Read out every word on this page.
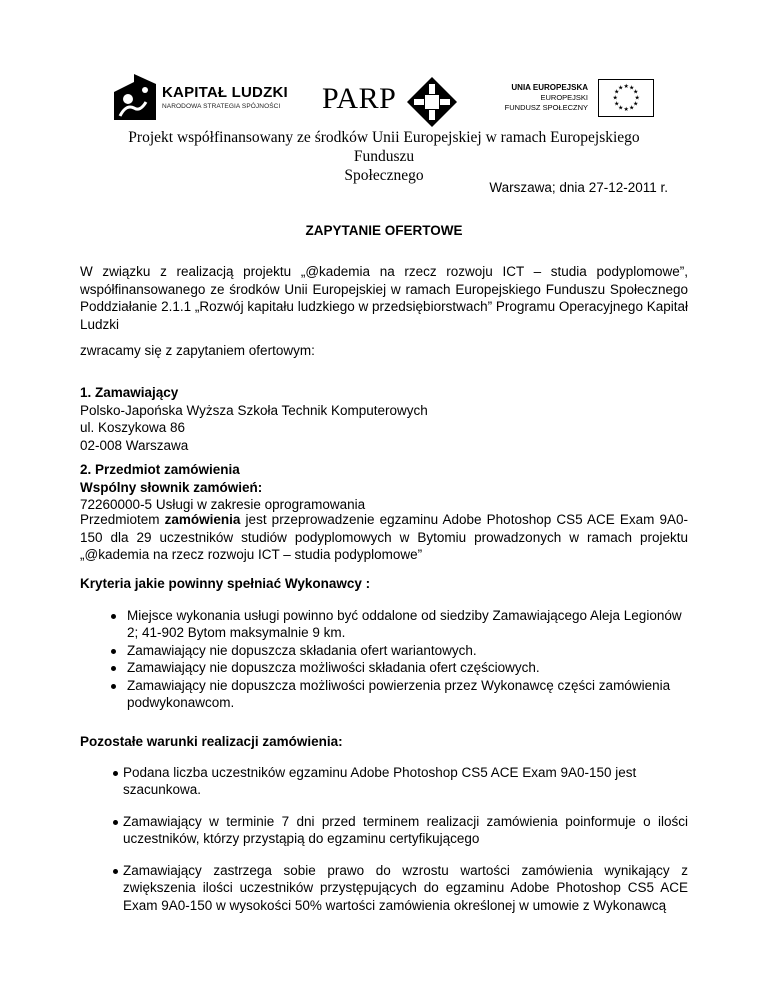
KAPITAŁ LUDZKI
NARODOWA STRATEGIA SPÓJNOŚCI PARP	UNIA EUROPEJSKA
EUROPEJSKI
FUNDUSZ SPOŁECZNY
★ ★
★
★
★
★
★
★
★
★
★
★
Projekt współfinansowany ze środków Unii Europejskiej w ramach Europejskiego Funduszu
Społecznego
Warszawa; dnia 27-12-2011 r.
ZAPYTANIE OFERTOWE
W związku z realizacją projektu „@kademia na rzecz rozwoju ICT – studia podyplomowe”, współfinansowanego ze środków Unii Europejskiej w ramach Europejskiego Funduszu Społecznego Poddziałanie 2.1.1 „Rozwój kapitału ludzkiego w przedsiębiorstwach” Programu Operacyjnego Kapitał Ludzki
zwracamy się z zapytaniem ofertowym:
1. Zamawiający
Polsko-Japońska Wyższa Szkoła Technik Komputerowych
ul. Koszykowa 86
02-008 Warszawa
2. Przedmiot zamówienia
Wspólny słownik zamówień:
72260000-5 Usługi w zakresie oprogramowania
Przedmiotem zamówienia jest przeprowadzenie egzaminu Adobe Photoshop CS5 ACE Exam 9A0-150 dla 29 uczestników studiów podyplomowych w Bytomiu prowadzonych w ramach projektu „@kademia na rzecz rozwoju ICT – studia podyplomowe”
Kryteria jakie powinny spełniać Wykonawcy :
Miejsce wykonania usługi powinno być oddalone od siedziby Zamawiającego Aleja Legionów 2; 41-902 Bytom maksymalnie 9 km.
Zamawiający nie dopuszcza składania ofert wariantowych.
Zamawiający nie dopuszcza możliwości składania ofert częściowych.
Zamawiający nie dopuszcza możliwości powierzenia przez Wykonawcę części zamówienia podwykonawcom.
Pozostałe warunki realizacji zamówienia:
Podana liczba uczestników egzaminu Adobe Photoshop CS5 ACE Exam 9A0-150 jest szacunkowa.
Zamawiający w terminie 7 dni przed terminem realizacji zamówienia poinformuje o ilości uczestników, którzy przystąpią do egzaminu certyfikującego
Zamawiający zastrzega sobie prawo do wzrostu wartości zamówienia wynikający z zwiększenia ilości uczestników przystępujących do egzaminu Adobe Photoshop CS5 ACE Exam 9A0-150 w wysokości 50% wartości zamówienia określonej w umowie z Wykonawcą
